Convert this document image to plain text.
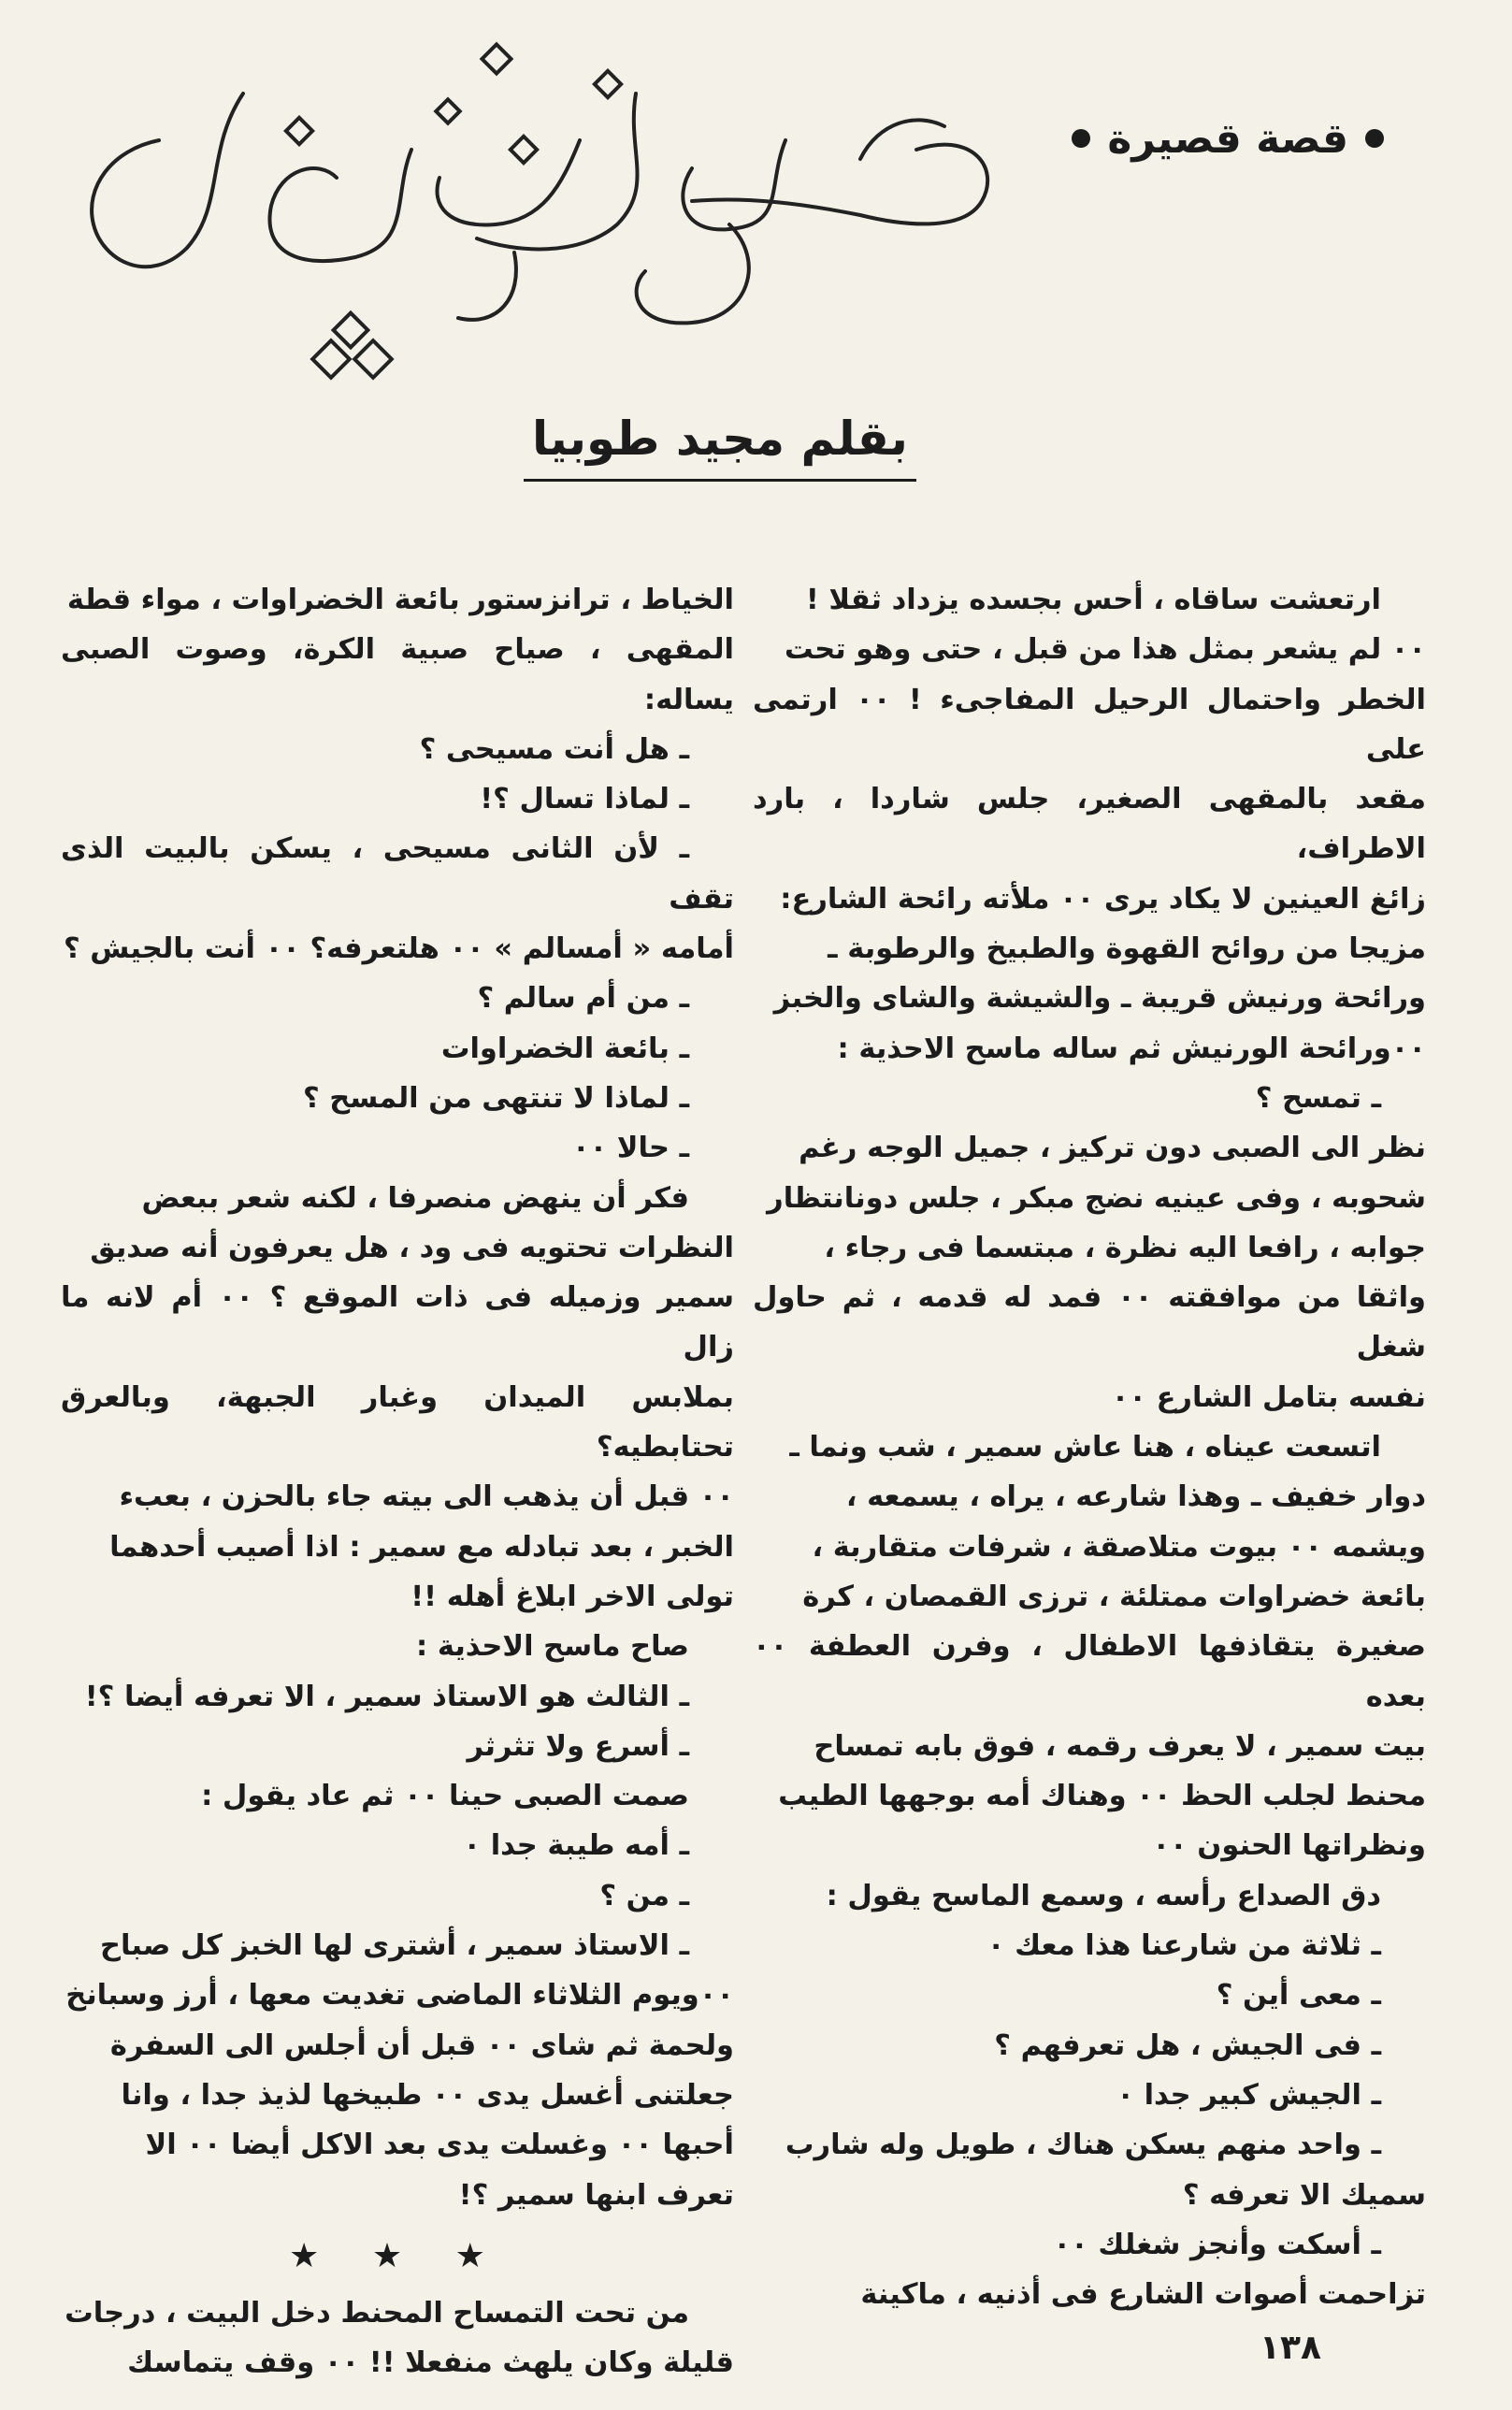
قصة قصيرة
بقلم مجيد طوبيا

ارتعشت ساقاه ، أحس بجسده يزداد ثقلا !

٠٠ لم يشعر بمثل هذا من قبل ، حتى وهو تحت

الخطر واحتمال الرحيل المفاجىء ! ٠٠ ارتمى على

مقعد بالمقهى الصغير، جلس شاردا ، بارد الاطراف،

زائغ العينين لا يكاد يرى ٠٠ ملأته رائحة الشارع:

مزيجا من روائح القهوة والطبيخ والرطوبة ـ

ورائحة ورنيش قريبة ـ والشيشة والشاى والخبز

٠٠ورائحة الورنيش ثم ساله ماسح الاحذية :

ـ تمسح ؟

نظر الى الصبى دون تركيز ، جميل الوجه رغم

شحوبه ، وفى عينيه نضج مبكر ، جلس دونانتظار

جوابه ، رافعا اليه نظرة ، مبتسما فى رجاء ،

واثقا من موافقته ٠٠ فمد له قدمه ، ثم حاول شغل

نفسه بتامل الشارع ٠٠

اتسعت عيناه ، هنا عاش سمير ، شب ونما ـ

دوار خفيف ـ وهذا شارعه ، يراه ، يسمعه ،

ويشمه ٠٠ بيوت متلاصقة ، شرفات متقاربة ،

بائعة خضراوات ممتلئة ، ترزى القمصان ، كرة

صغيرة يتقاذفها الاطفال ، وفرن العطفة ٠٠ بعده

بيت سمير ، لا يعرف رقمه ، فوق بابه تمساح

محنط لجلب الحظ ٠٠ وهناك أمه بوجهها الطيب

ونظراتها الحنون ٠٠

دق الصداع رأسه ، وسمع الماسح يقول :

ـ ثلاثة من شارعنا هذا معك ٠

ـ معى أين ؟

ـ فى الجيش ، هل تعرفهم ؟

ـ الجيش كبير جدا ٠

ـ واحد منهم يسكن هناك ، طويل وله شارب

سميك الا تعرفه ؟

ـ أسكت وأنجز شغلك ٠٠

تزاحمت أصوات الشارع فى أذنيه ، ماكينة

الخياط ، ترانزستور بائعة الخضراوات ، مواء قطة

المقهى ، صياح صبية الكرة، وصوت الصبى يساله:

ـ هل أنت مسيحى ؟

ـ لماذا تسال ؟!

ـ لأن الثانى مسيحى ، يسكن بالبيت الذى تقف

أمامه « أمسالم » ٠٠ هلتعرفه؟ ٠٠ أنت بالجيش ؟

ـ من أم سالم ؟

ـ بائعة الخضراوات

ـ لماذا لا تنتهى من المسح ؟

ـ حالا ٠٠

فكر أن ينهض منصرفا ، لكنه شعر ببعض

النظرات تحتويه فى ود ، هل يعرفون أنه صديق

سمير وزميله فى ذات الموقع ؟ ٠٠ أم لانه ما زال

بملابس الميدان وغبار الجبهة، وبالعرق تحتابطيه؟

٠٠ قبل أن يذهب الى بيته جاء بالحزن ، بعبء

الخبر ، بعد تبادله مع سمير : اذا أصيب أحدهما

تولى الاخر ابلاغ أهله !!

صاح ماسح الاحذية :

ـ الثالث هو الاستاذ سمير ، الا تعرفه أيضا ؟!

ـ أسرع ولا تثرثر

صمت الصبى حينا ٠٠ ثم عاد يقول :

ـ أمه طيبة جدا ٠

ـ من ؟

ـ الاستاذ سمير ، أشترى لها الخبز كل صباح

٠٠ويوم الثلاثاء الماضى تغديت معها ، أرز وسبانخ

ولحمة ثم شاى ٠٠ قبل أن أجلس الى السفرة

جعلتنى أغسل يدى ٠٠ طبيخها لذيذ جدا ، وانا

أحبها ٠٠ وغسلت يدى بعد الاكل أيضا ٠٠ الا

تعرف ابنها سمير ؟!

★ ★ ★

من تحت التمساح المحنط دخل البيت ، درجات

قليلة وكان يلهث منفعلا !! ٠٠ وقف يتماسك	١٣٨
